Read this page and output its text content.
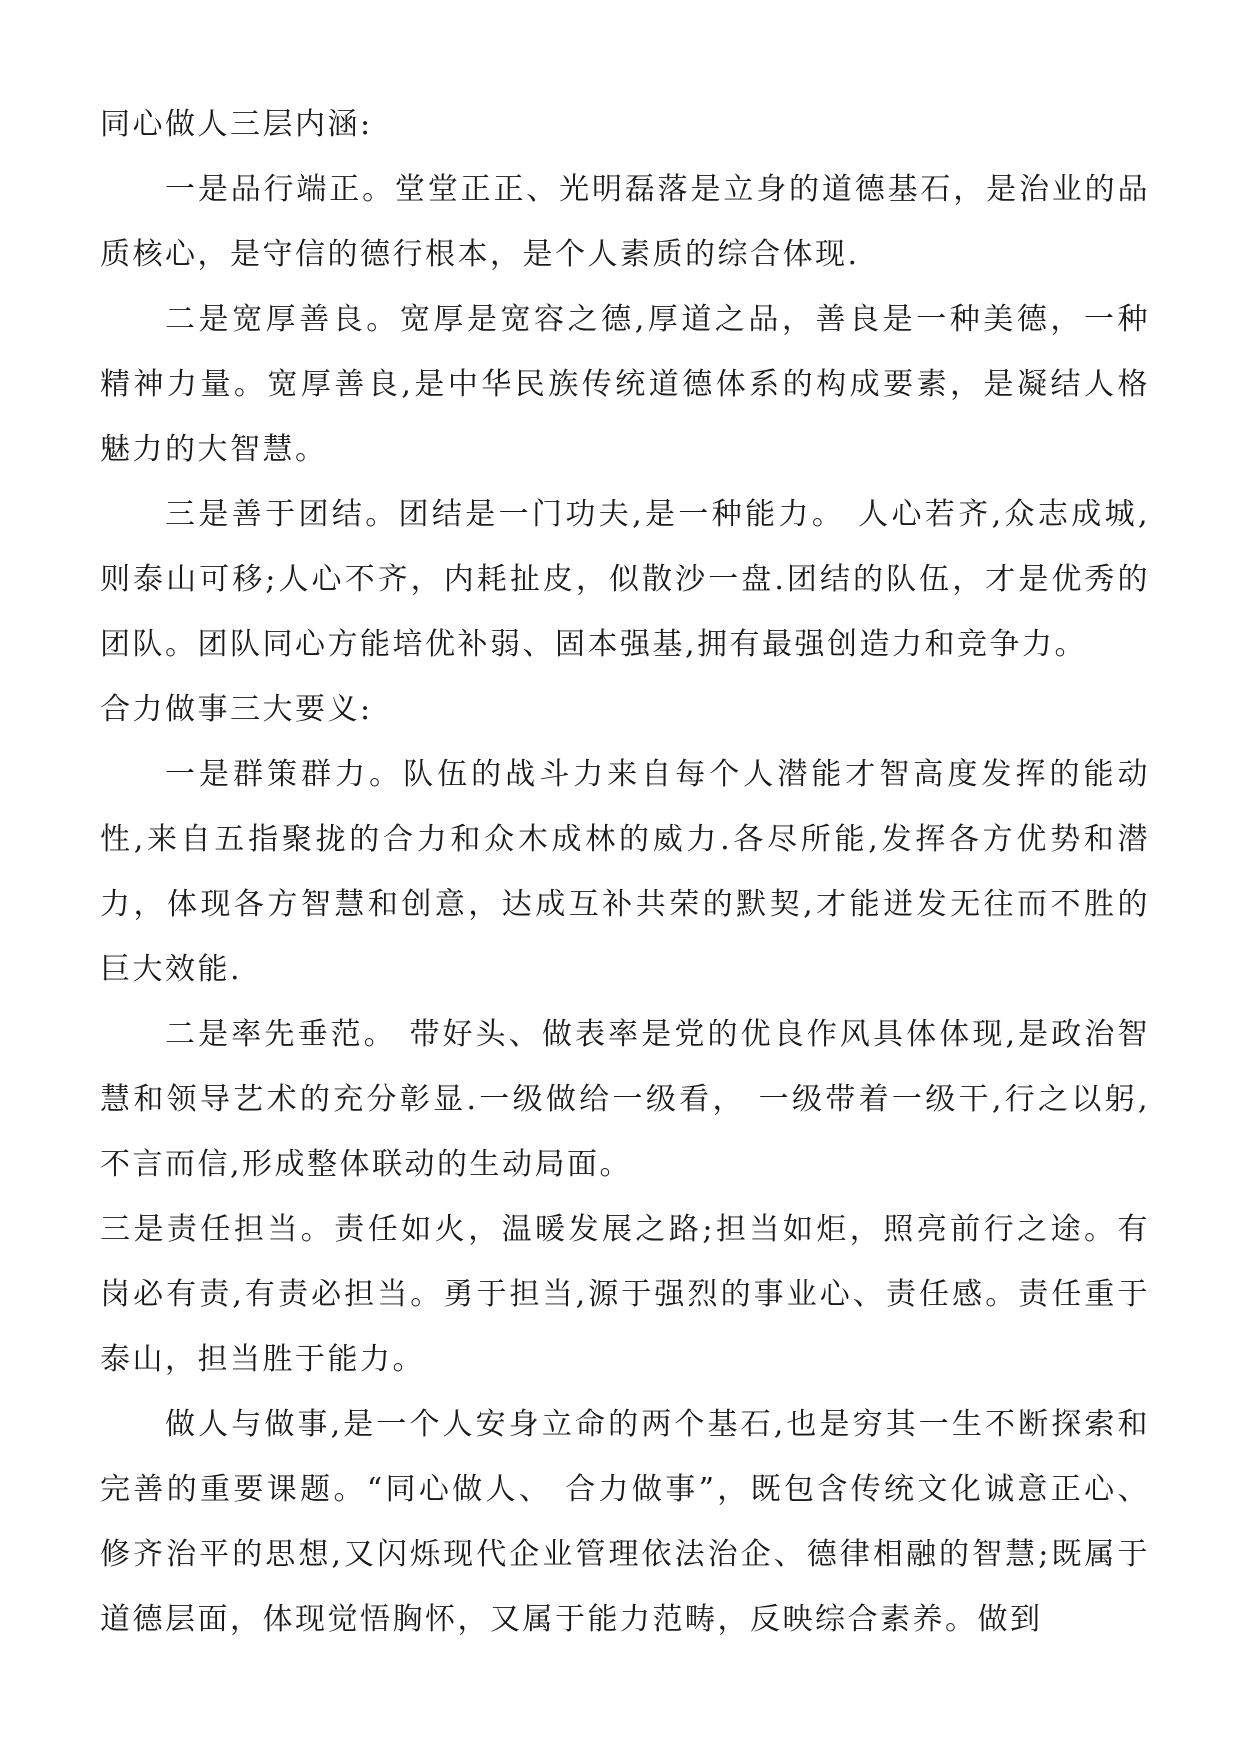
同心做人三层内涵:

一是品行端正。堂堂正正、光明磊落是立身的道德基石，是治业的品质核心，是守信的德行根本，是个人素质的综合体现.

二是宽厚善良。宽厚是宽容之德,厚道之品，善良是一种美德，一种精神力量。宽厚善良,是中华民族传统道德体系的构成要素，是凝结人格魅力的大智慧。

三是善于团结。团结是一门功夫,是一种能力。 人心若齐,众志成城,则泰山可移;人心不齐，内耗扯皮，似散沙一盘.团结的队伍，才是优秀的团队。团队同心方能培优补弱、固本强基,拥有最强创造力和竞争力。

合力做事三大要义:

一是群策群力。队伍的战斗力来自每个人潜能才智高度发挥的能动性,来自五指聚拢的合力和众木成林的威力.各尽所能,发挥各方优势和潜力，体现各方智慧和创意，达成互补共荣的默契,才能迸发无往而不胜的巨大效能.

二是率先垂范。 带好头、做表率是党的优良作风具体体现,是政治智慧和领导艺术的充分彰显.一级做给一级看， 一级带着一级干,行之以躬,不言而信,形成整体联动的生动局面。

三是责任担当。责任如火，温暖发展之路;担当如炬，照亮前行之途。有岗必有责,有责必担当。勇于担当,源于强烈的事业心、责任感。责任重于泰山，担当胜于能力。

做人与做事,是一个人安身立命的两个基石,也是穷其一生不断探索和完善的重要课题。“同心做人、 合力做事”，既包含传统文化诚意正心、修齐治平的思想,又闪烁现代企业管理依法治企、德律相融的智慧;既属于道德层面，体现觉悟胸怀，又属于能力范畴，反映综合素养。做到
